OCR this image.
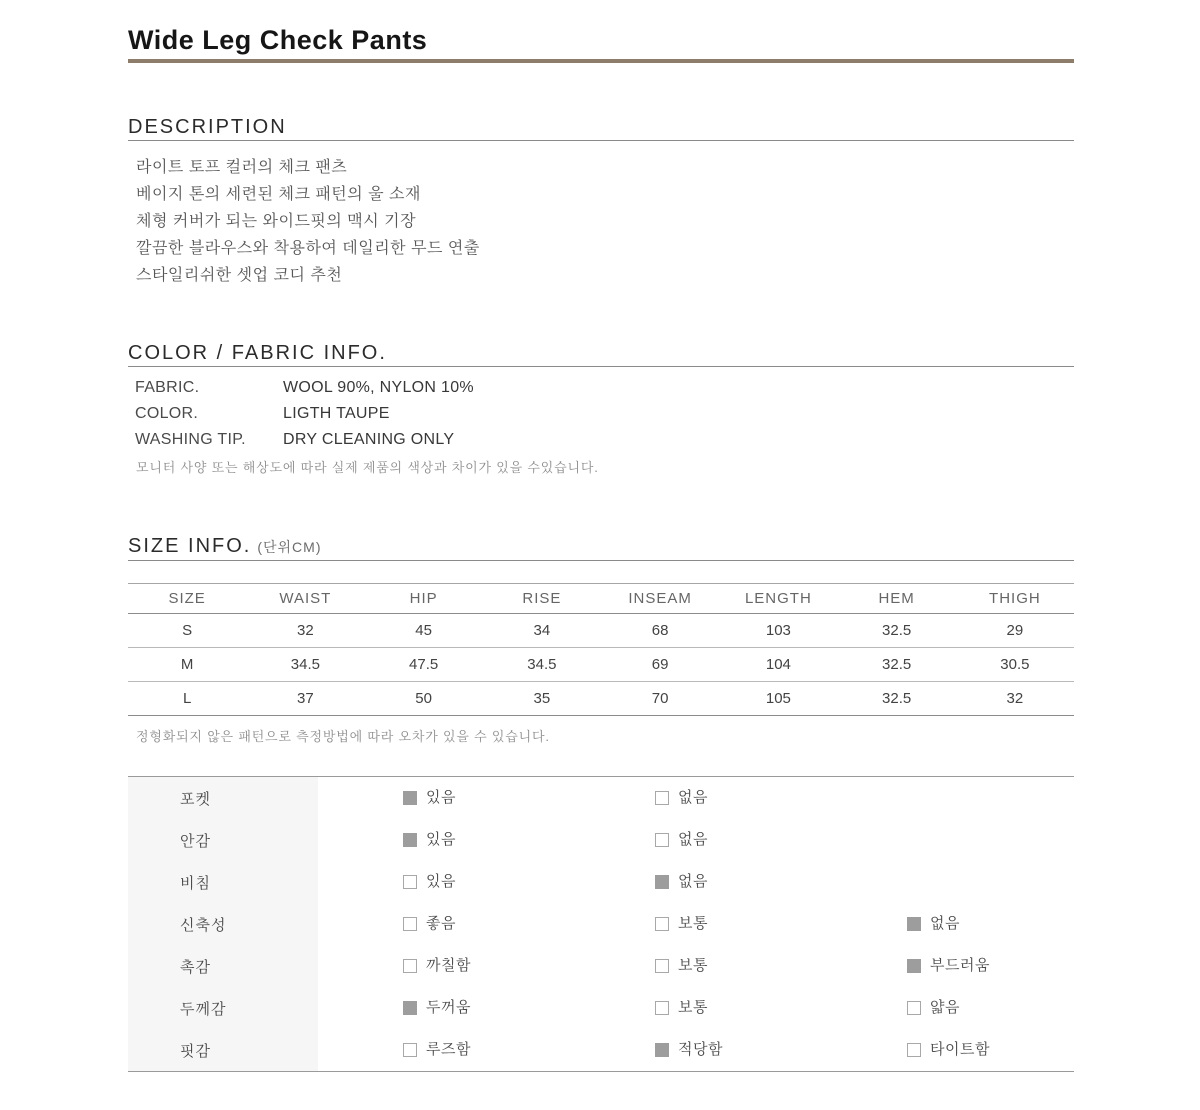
Wide Leg Check Pants
DESCRIPTION
라이트 토프 컬러의 체크 팬츠
베이지 톤의 세련된 체크 패턴의 울 소재
체형 커버가 되는 와이드핏의 맥시 기장
깔끔한 블라우스와 착용하여 데일리한 무드 연출
스타일리쉬한 셋업 코디 추천
COLOR / FABRIC INFO.
FABRIC.	WOOL 90%, NYLON 10%
COLOR.	LIGTH TAUPE
WASHING TIP.	DRY CLEANING ONLY
모니터 사양 또는 해상도에 따라 실제 제품의 색상과 차이가 있을 수있습니다.
SIZE INFO. (단위CM)
SIZE	WAIST	HIP	RISE	INSEAM	LENGTH	HEM	THIGH
S	32	45	34	68	103	32.5	29
M	34.5	47.5	34.5	69	104	32.5	30.5
L	37	50	35	70	105	32.5	32
정형화되지 않은 패턴으로 측정방법에 따라 오차가 있을 수 있습니다.
포켓	있음	없음
안감	있음	없음
비침	있음	없음
신축성	좋음	보통	없음
촉감	까칠함	보통	부드러움
두께감	두꺼움	보통	얇음
핏감	루즈함	적당함	타이트함
